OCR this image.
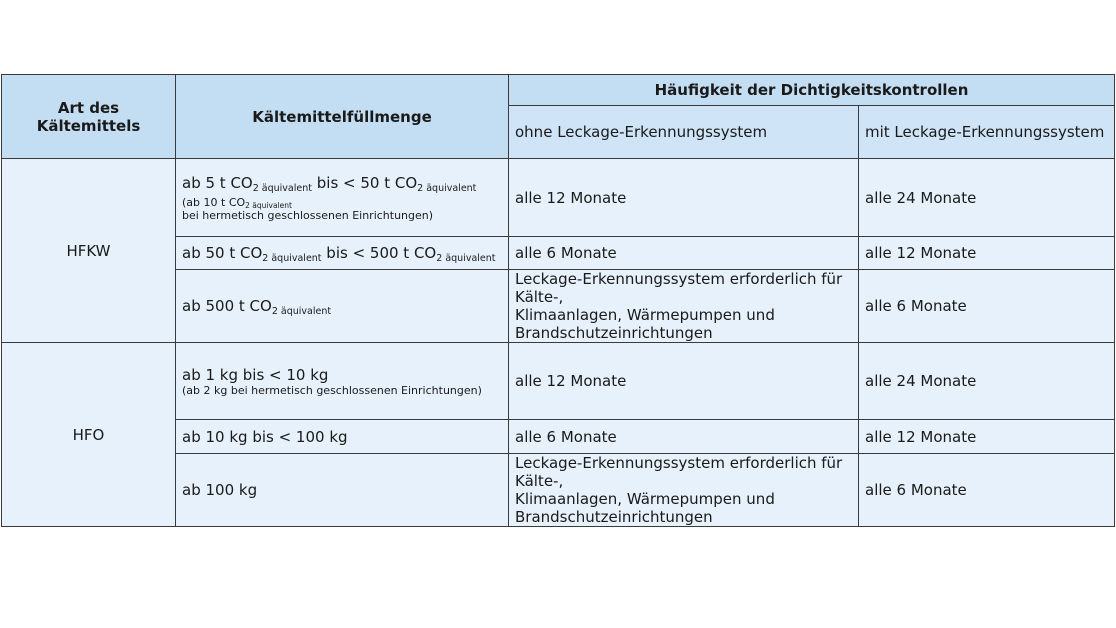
Art des Kältemittels	Kältemittelfüllmenge	Häufigkeit der Dichtigkeitskontrollen	
		ohne Leckage-Erkennungssystem	mit Leckage-Erkennungssystem
HFKW	ab 5 t $CO_{2 äquivalent}$ bis < 50 t $CO_{2 äquivalent}$
(ab 10 t $CO_{2 äquivalent}$
bei hermetisch geschlossenen Einrichtungen)	alle 12 Monate	alle 24 Monate
	ab 50 t $CO_{2 äquivalent}$ bis < 500 t $CO_{2 äquivalent}$	alle 6 Monate	alle 12 Monate
	ab 500 t $CO_{2 äquivalent}$	Leckage-Erkennungssystem erforderlich für Kälte-,
Klimaanlagen, Wärmepumpen und
Brandschutzeinrichtungen	alle 6 Monate
HFO	ab 1 kg bis < 10 kg
(ab 2 kg bei hermetisch geschlossenen Einrichtungen)	alle 12 Monate	alle 24 Monate
	ab 10 kg bis < 100 kg	alle 6 Monate	alle 12 Monate
	ab 100 kg	Leckage-Erkennungssystem erforderlich für Kälte-,
Klimaanlagen, Wärmepumpen und
Brandschutzeinrichtungen	alle 6 Monate
